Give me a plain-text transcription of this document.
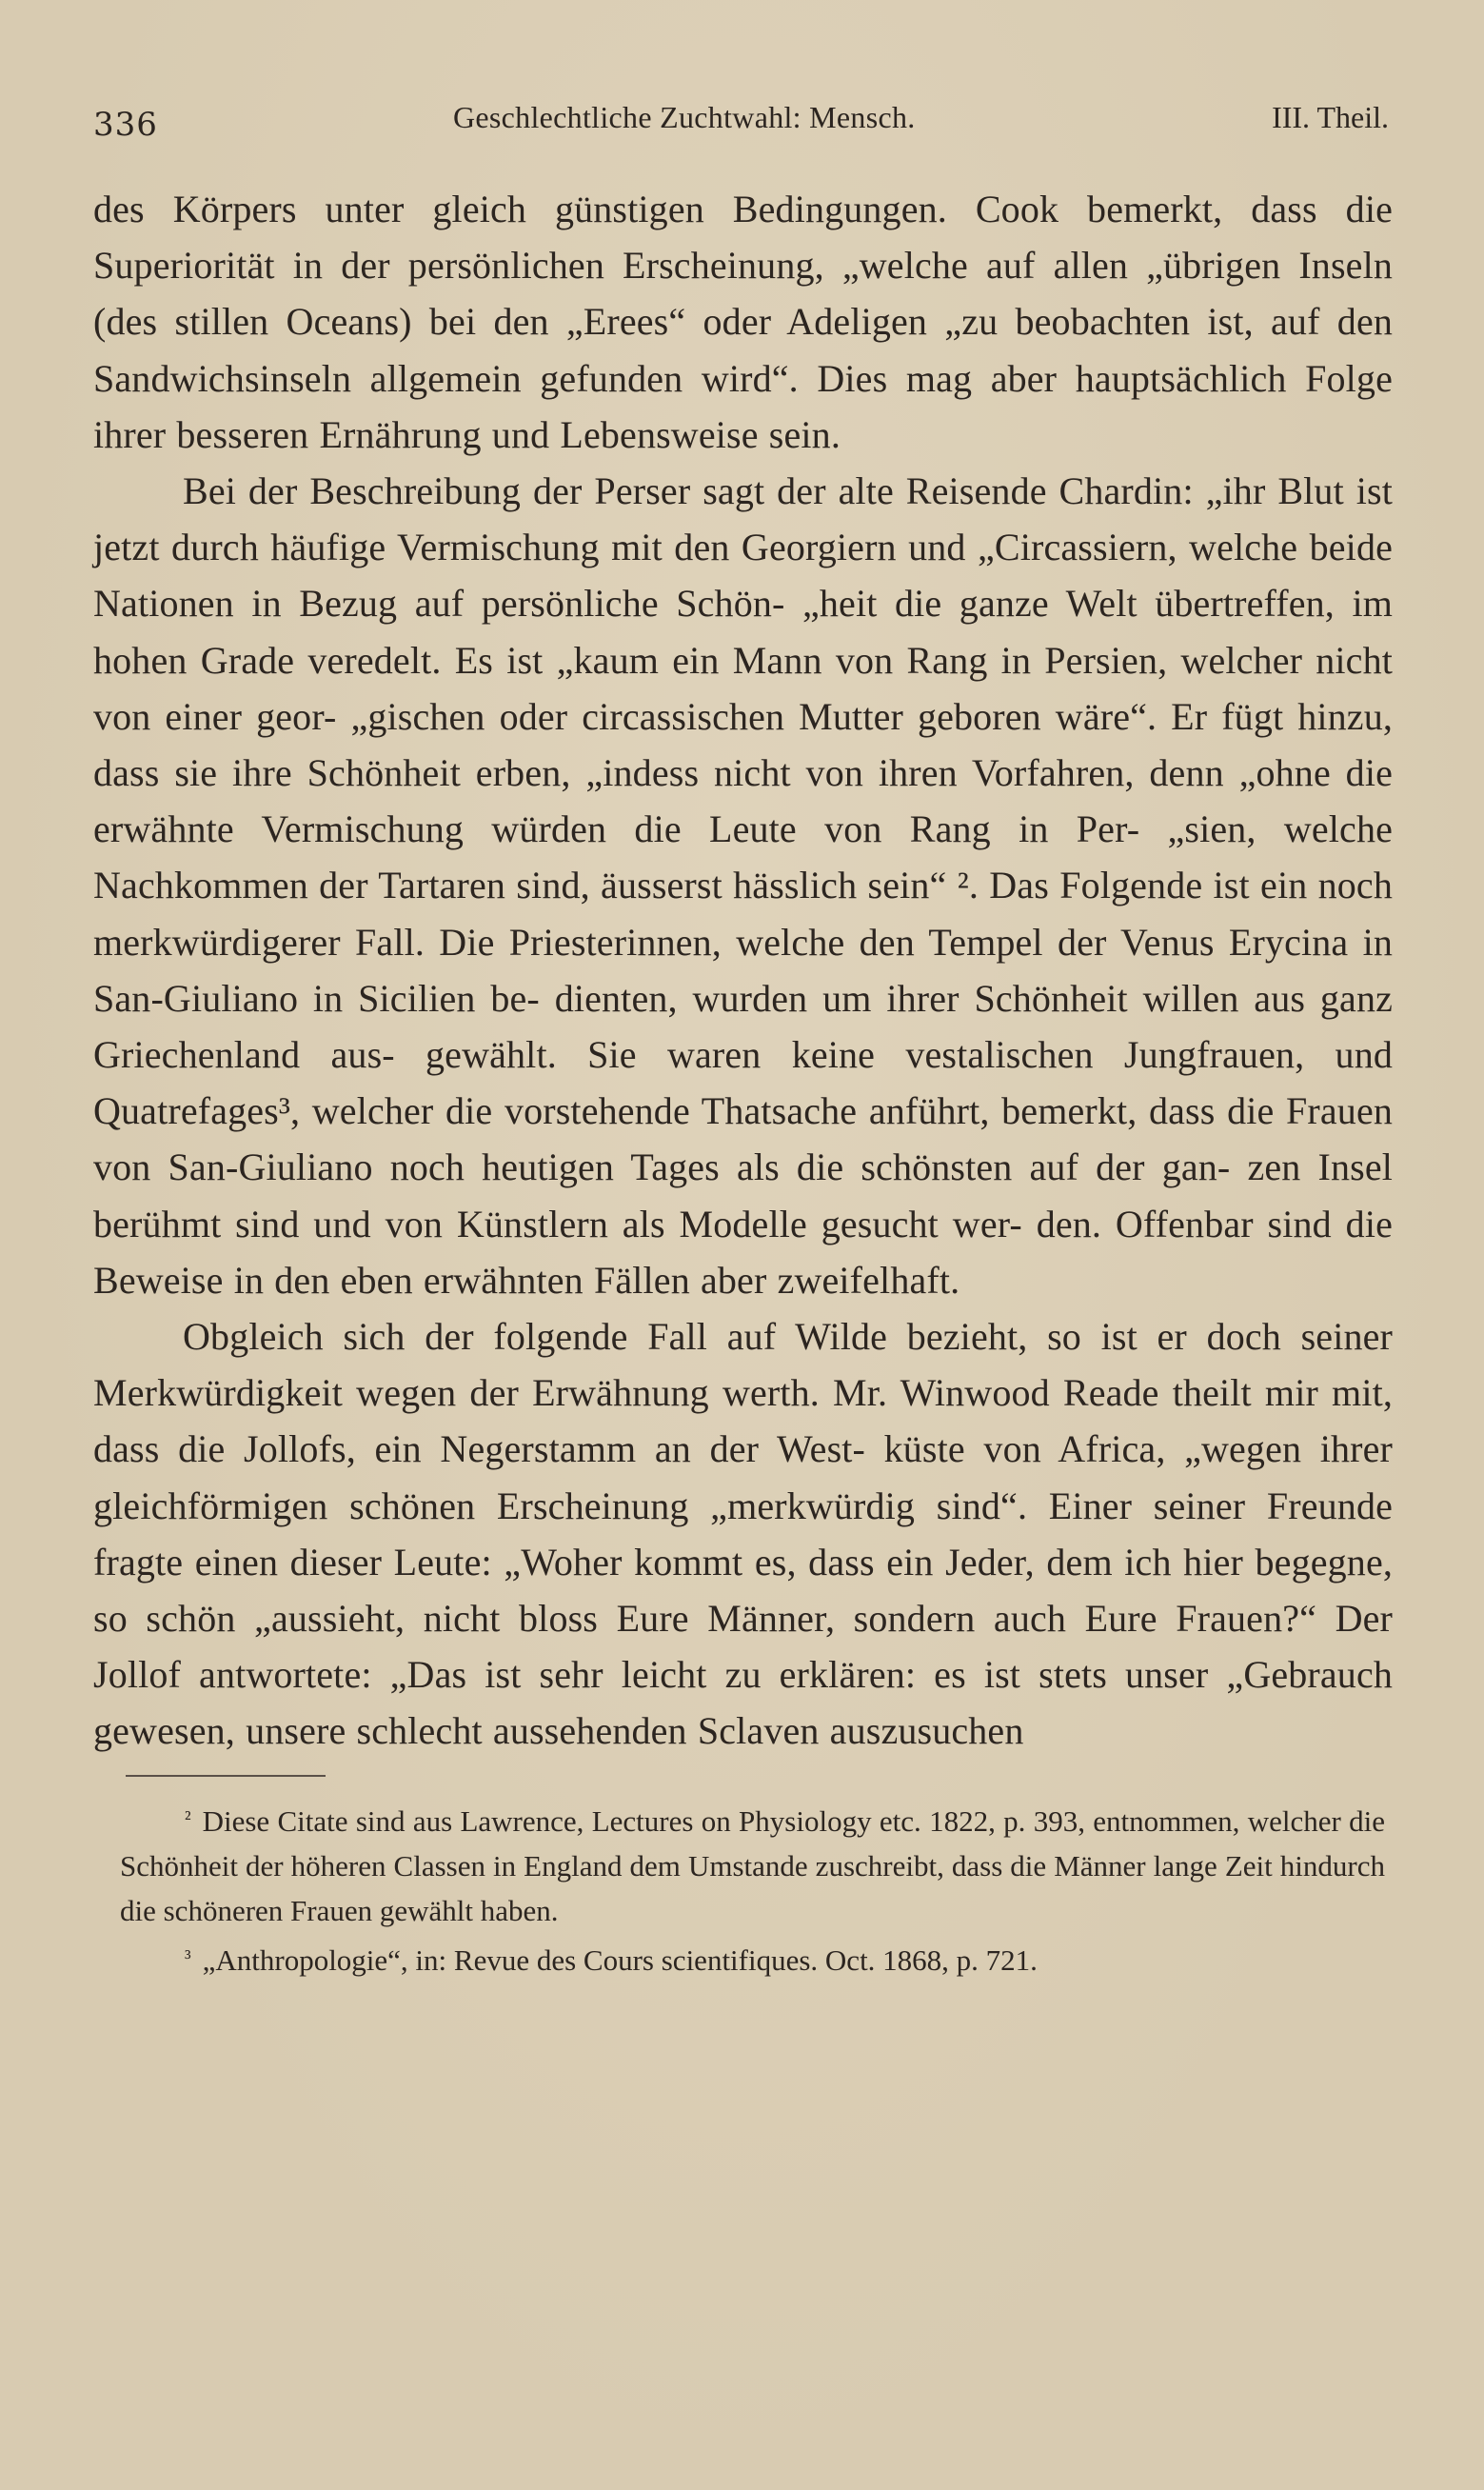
336	Geschlechtliche Zuchtwahl: Mensch.	III. Theil.

des Körpers unter gleich günstigen Bedingungen. Cook bemerkt, dass die Superiorität in der persönlichen Erscheinung, „welche auf allen „übrigen Inseln (des stillen Oceans) bei den „Erees“ oder Adeligen „zu beobachten ist, auf den Sandwichsinseln allgemein gefunden wird“. Dies mag aber hauptsächlich Folge ihrer besseren Ernährung und Lebensweise sein.

Bei der Beschreibung der Perser sagt der alte Reisende Chardin: „ihr Blut ist jetzt durch häufige Vermischung mit den Georgiern und „Circassiern, welche beide Nationen in Bezug auf persönliche Schön- „heit die ganze Welt übertreffen, im hohen Grade veredelt. Es ist „kaum ein Mann von Rang in Persien, welcher nicht von einer geor- „gischen oder circassischen Mutter geboren wäre“. Er fügt hinzu, dass sie ihre Schönheit erben, „indess nicht von ihren Vorfahren, denn „ohne die erwähnte Vermischung würden die Leute von Rang in Per- „sien, welche Nachkommen der Tartaren sind, äusserst hässlich sein“ ². Das Folgende ist ein noch merkwürdigerer Fall. Die Priesterinnen, welche den Tempel der Venus Erycina in San-Giuliano in Sicilien be- dienten, wurden um ihrer Schönheit willen aus ganz Griechenland aus- gewählt. Sie waren keine vestalischen Jungfrauen, und Quatrefages³, welcher die vorstehende Thatsache anführt, bemerkt, dass die Frauen von San-Giuliano noch heutigen Tages als die schönsten auf der gan- zen Insel berühmt sind und von Künstlern als Modelle gesucht wer- den. Offenbar sind die Beweise in den eben erwähnten Fällen aber zweifelhaft.

Obgleich sich der folgende Fall auf Wilde bezieht, so ist er doch seiner Merkwürdigkeit wegen der Erwähnung werth. Mr. Winwood Reade theilt mir mit, dass die Jollofs, ein Negerstamm an der West- küste von Africa, „wegen ihrer gleichförmigen schönen Erscheinung „merkwürdig sind“. Einer seiner Freunde fragte einen dieser Leute: „Woher kommt es, dass ein Jeder, dem ich hier begegne, so schön „aussieht, nicht bloss Eure Männer, sondern auch Eure Frauen?“ Der Jollof antwortete: „Das ist sehr leicht zu erklären: es ist stets unser „Gebrauch gewesen, unsere schlecht aussehenden Sclaven auszusuchen

² Diese Citate sind aus Lawrence, Lectures on Physiology etc. 1822, p. 393, entnommen, welcher die Schönheit der höheren Classen in England dem Umstande zuschreibt, dass die Männer lange Zeit hindurch die schöneren Frauen gewählt haben.

³ „Anthropologie“, in: Revue des Cours scientifiques. Oct. 1868, p. 721.
